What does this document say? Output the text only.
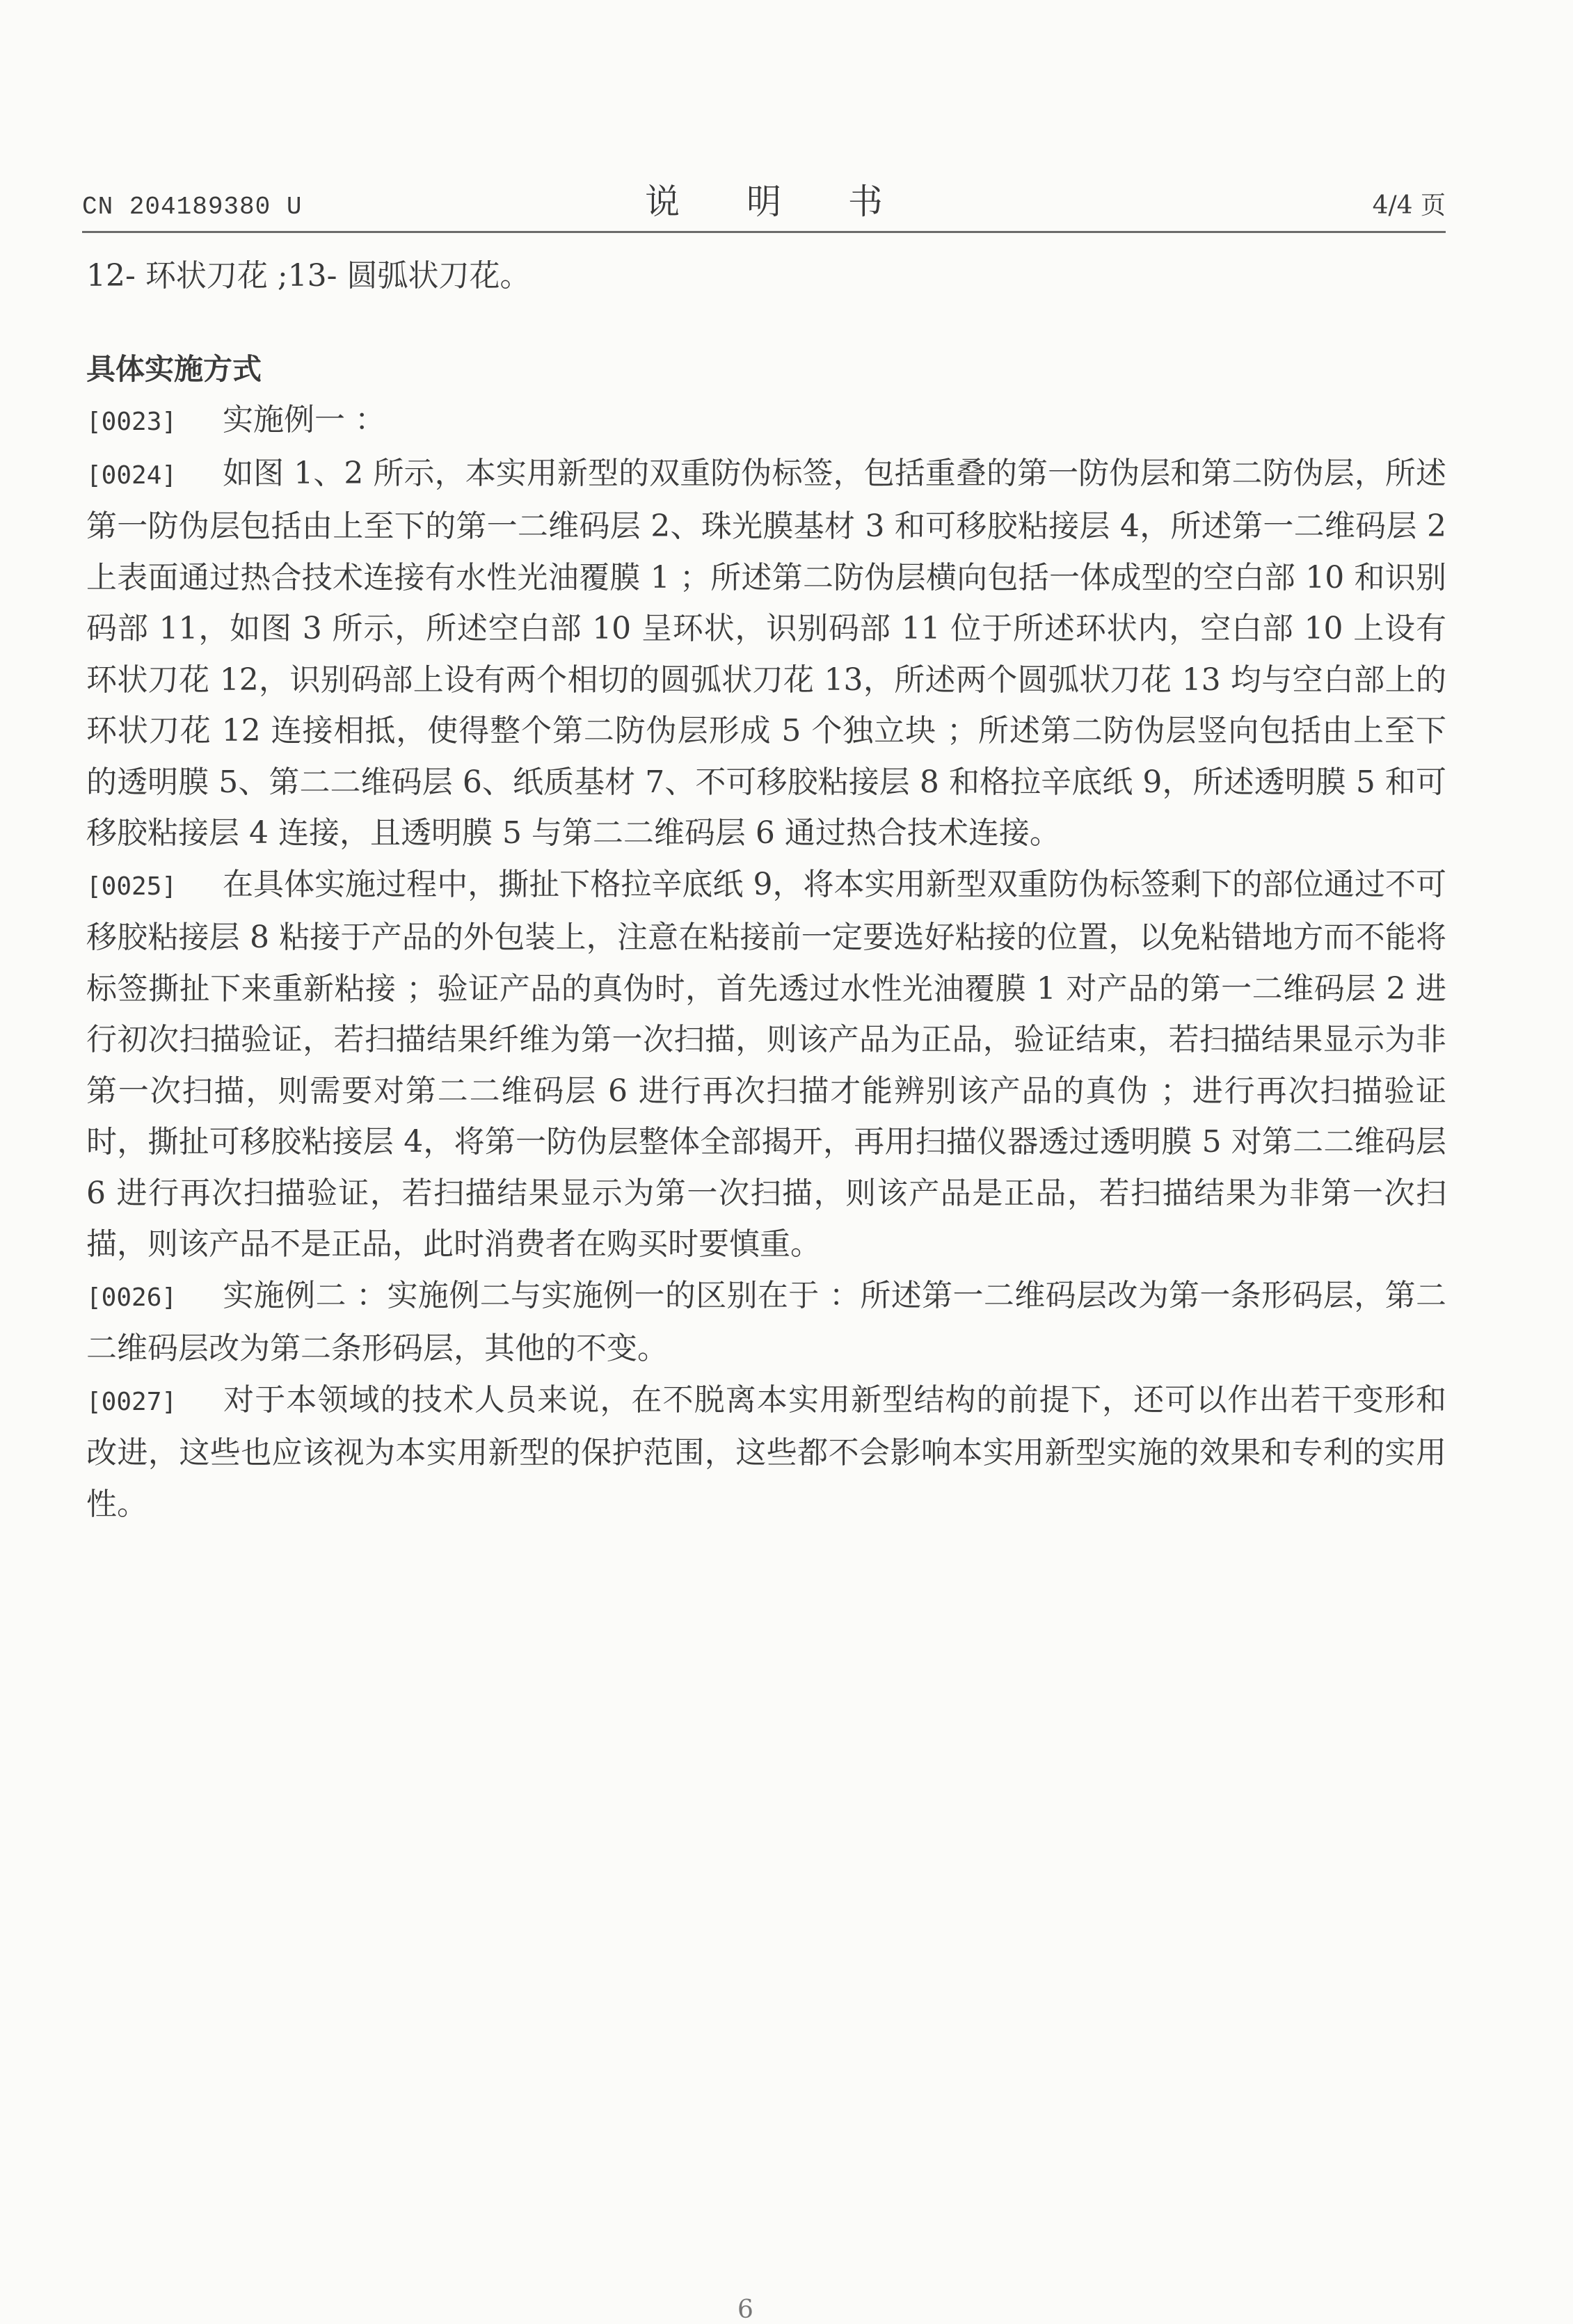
CN 204189380 U	说 明 书	4/4 页

12- 环状刀花 ;13- 圆弧状刀花。

具体实施方式

[0023] 实施例一 ：

[0024] 如图 1、2 所示，本实用新型的双重防伪标签，包括重叠的第一防伪层和第二防伪层，所述第一防伪层包括由上至下的第一二维码层 2、珠光膜基材 3 和可移胶粘接层 4，所述第一二维码层 2 上表面通过热合技术连接有水性光油覆膜 1 ；所述第二防伪层横向包括一体成型的空白部 10 和识别码部 11，如图 3 所示，所述空白部 10 呈环状，识别码部 11 位于所述环状内，空白部 10 上设有环状刀花 12，识别码部上设有两个相切的圆弧状刀花 13，所述两个圆弧状刀花 13 均与空白部上的环状刀花 12 连接相抵，使得整个第二防伪层形成 5 个独立块 ；所述第二防伪层竖向包括由上至下的透明膜 5、第二二维码层 6、纸质基材 7、不可移胶粘接层 8 和格拉辛底纸 9，所述透明膜 5 和可移胶粘接层 4 连接，且透明膜 5 与第二二维码层 6 通过热合技术连接。

[0025] 在具体实施过程中，撕扯下格拉辛底纸 9，将本实用新型双重防伪标签剩下的部位通过不可移胶粘接层 8 粘接于产品的外包装上，注意在粘接前一定要选好粘接的位置，以免粘错地方而不能将标签撕扯下来重新粘接 ；验证产品的真伪时，首先透过水性光油覆膜 1 对产品的第一二维码层 2 进行初次扫描验证，若扫描结果纤维为第一次扫描，则该产品为正品，验证结束，若扫描结果显示为非第一次扫描，则需要对第二二维码层 6 进行再次扫描才能辨别该产品的真伪 ；进行再次扫描验证时，撕扯可移胶粘接层 4，将第一防伪层整体全部揭开，再用扫描仪器透过透明膜 5 对第二二维码层 6 进行再次扫描验证，若扫描结果显示为第一次扫描，则该产品是正品，若扫描结果为非第一次扫描，则该产品不是正品，此时消费者在购买时要慎重。

[0026] 实施例二 ：实施例二与实施例一的区别在于 ：所述第一二维码层改为第一条形码层，第二二维码层改为第二条形码层，其他的不变。

[0027] 对于本领域的技术人员来说，在不脱离本实用新型结构的前提下，还可以作出若干变形和改进，这些也应该视为本实用新型的保护范围，这些都不会影响本实用新型实施的效果和专利的实用性。

6
